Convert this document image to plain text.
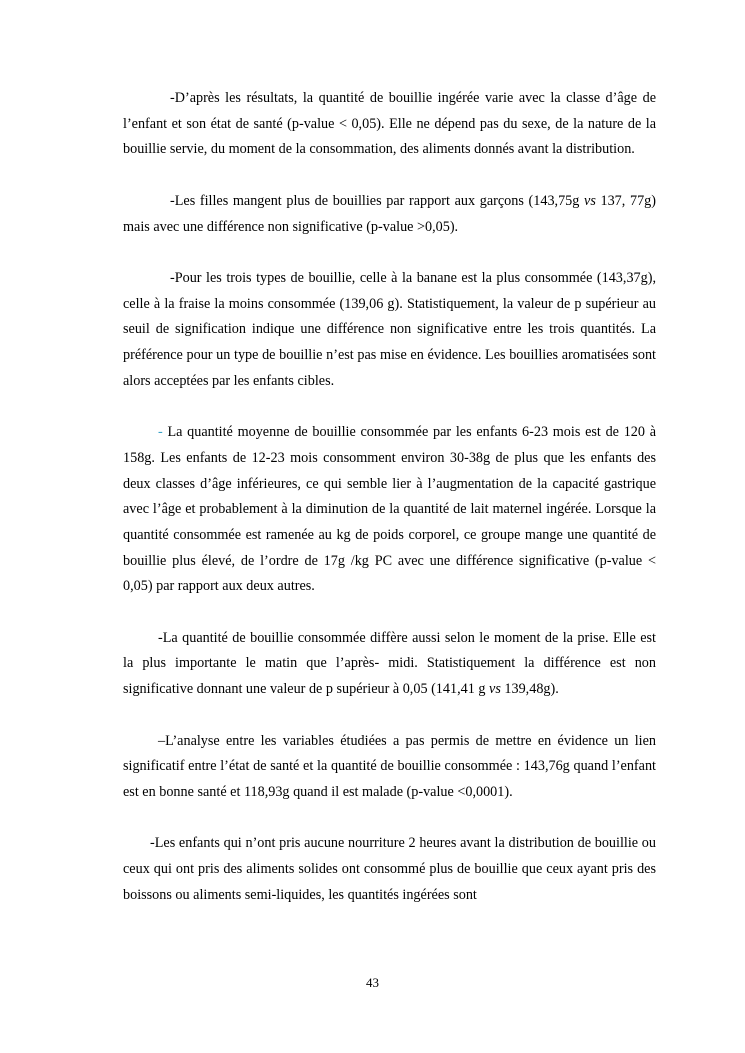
-D’après les résultats, la quantité de bouillie ingérée varie avec la classe d’âge de l’enfant et son état de santé (p-value < 0,05). Elle ne dépend pas du sexe, de la nature de la bouillie servie, du moment de la consommation, des aliments donnés avant la distribution.

-Les filles mangent plus de bouillies par rapport aux garçons (143,75g vs 137, 77g) mais avec une différence non significative (p-value >0,05).

-Pour les trois types de bouillie, celle à la banane est la plus consommée (143,37g), celle à la fraise la moins consommée (139,06 g). Statistiquement, la valeur de p supérieur au seuil de signification indique une différence non significative entre les trois quantités. La préférence pour un type de bouillie n’est pas mise en évidence. Les bouillies aromatisées sont alors acceptées par les enfants cibles.

- La quantité moyenne de bouillie consommée par les enfants 6-23 mois est de 120 à 158g. Les enfants de 12-23 mois consomment environ 30-38g de plus que les enfants des deux classes d’âge inférieures, ce qui semble lier à l’augmentation de la capacité gastrique avec l’âge et probablement à la diminution de la quantité de lait maternel ingérée. Lorsque la quantité consommée est ramenée au kg de poids corporel, ce groupe mange une quantité de bouillie plus élevé, de l’ordre de 17g /kg PC avec une différence significative (p-value < 0,05) par rapport aux deux autres.

-La quantité de bouillie consommée diffère aussi selon le moment de la prise. Elle est la plus importante le matin que l’après- midi. Statistiquement la différence est non significative donnant une valeur de p supérieur à 0,05 (141,41 g vs 139,48g).

–L’analyse entre les variables étudiées a pas permis de mettre en évidence un lien significatif entre l’état de santé et la quantité de bouillie consommée : 143,76g quand l’enfant est en bonne santé et 118,93g quand il est malade (p-value <0,0001).

-Les enfants qui n’ont pris aucune nourriture 2 heures avant la distribution de bouillie ou ceux qui ont pris des aliments solides ont consommé plus de bouillie que ceux ayant pris des boissons ou aliments semi-liquides, les quantités ingérées sont

43
